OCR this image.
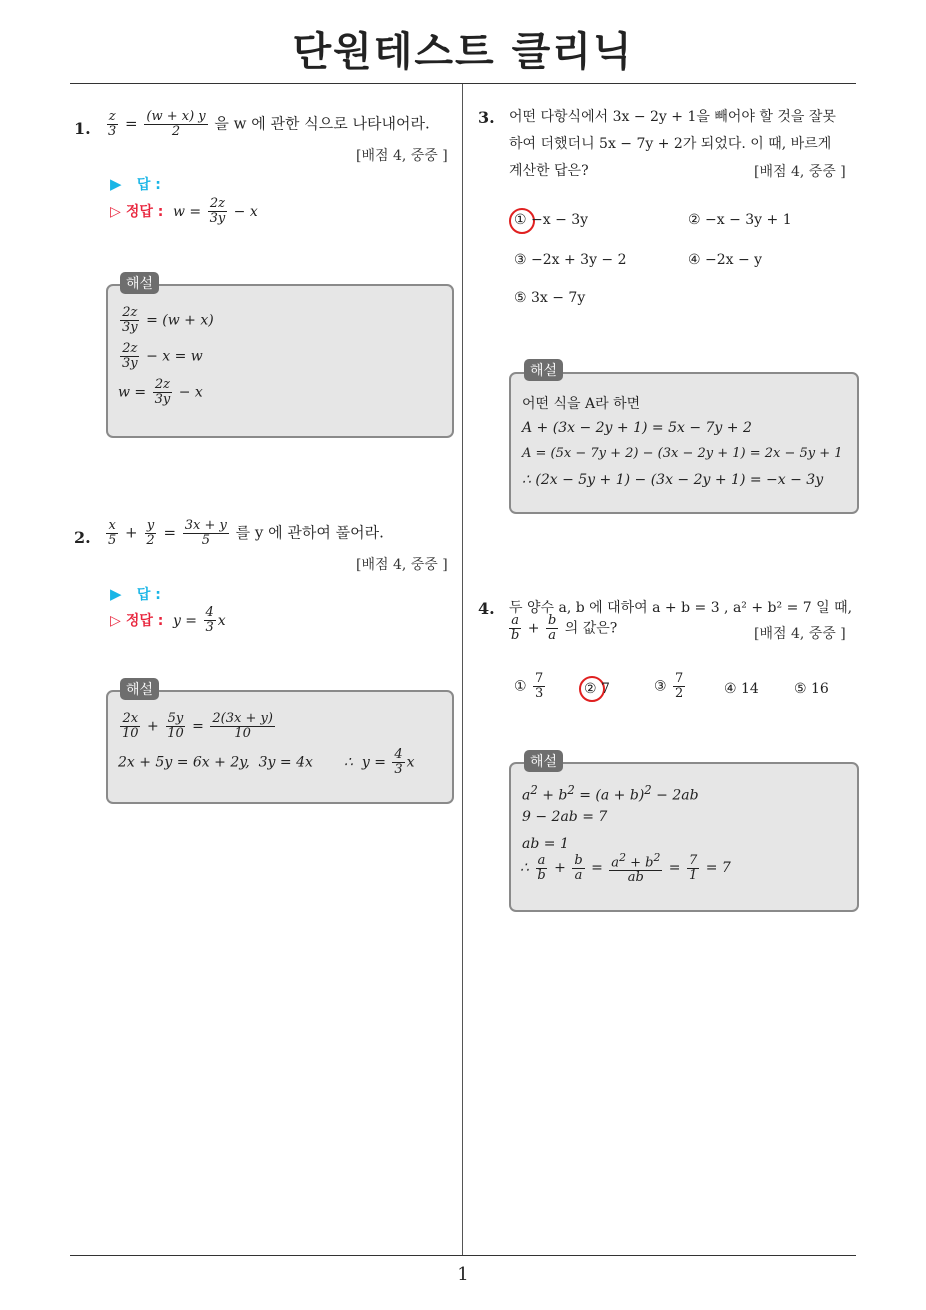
단원테스트 클리닉
1
1. $\frac{z}{3} = \frac{(w + x) y}{2}$ 을 w 에 관한 식으로 나타내어라.
[배점 4, 중중 ]
▶ 답 :
▷ 정답 :  $w = \frac{2z}{3y} - x$
해설
$\frac{2z}{3y} = (w + x)$
$\frac{2z}{3y} - x = w$
$w = \frac{2z}{3y} - x$
2. $\frac{x}{5} + \frac{y}{2} = \frac{3x + y}{5}$ 를 y 에 관하여 풀어라.
[배점 4, 중중 ]
▶ 답 :
▷ 정답 :  $y = \frac{4}{3}$ x
해설
$\frac{2x}{10} + \frac{5y}{10} = \frac{2(3x + y)}{10}$
2x + 5y = 6x + 2y,  3y = 4x       ∴  $y = \frac{4}{3}$ x
3. 어떤 다항식에서 3x − 2y + 1을 빼어야 할 것을 잘못
하여 더했더니 5x − 7y + 2가 되었다. 이 때, 바르게
계산한 답은?	[배점 4, 중중 ]
① −x − 3y	② −x − 3y + 1
③ −2x + 3y − 2	④ −2x − y
⑤ 3x − 7y
해설
어떤 식을 A라 하면
A + (3x − 2y + 1) = 5x − 7y + 2
A = (5x − 7y + 2) − (3x − 2y + 1) = 2x − 5y + 1
∴ (2x − 5y + 1) − (3x − 2y + 1) = −x − 3y
4. 두 양수 a, b 에 대하여 a + b = 3 , a² + b² = 7 일 때,
$\frac{a}{b} + \frac{b}{a}$ 의 값은?	[배점 4, 중중 ]
① $\frac{7}{3}$	② 7	③ $\frac{7}{2}$	④ 14	⑤ 16
해설
$a^2 + b^2 = (a + b)^2 - 2ab$
9 − 2ab = 7
ab = 1
∴ $\frac{a}{b} + \frac{b}{a} = \frac{a^2 + b^2}{ab} = \frac{7}{1} = 7$
